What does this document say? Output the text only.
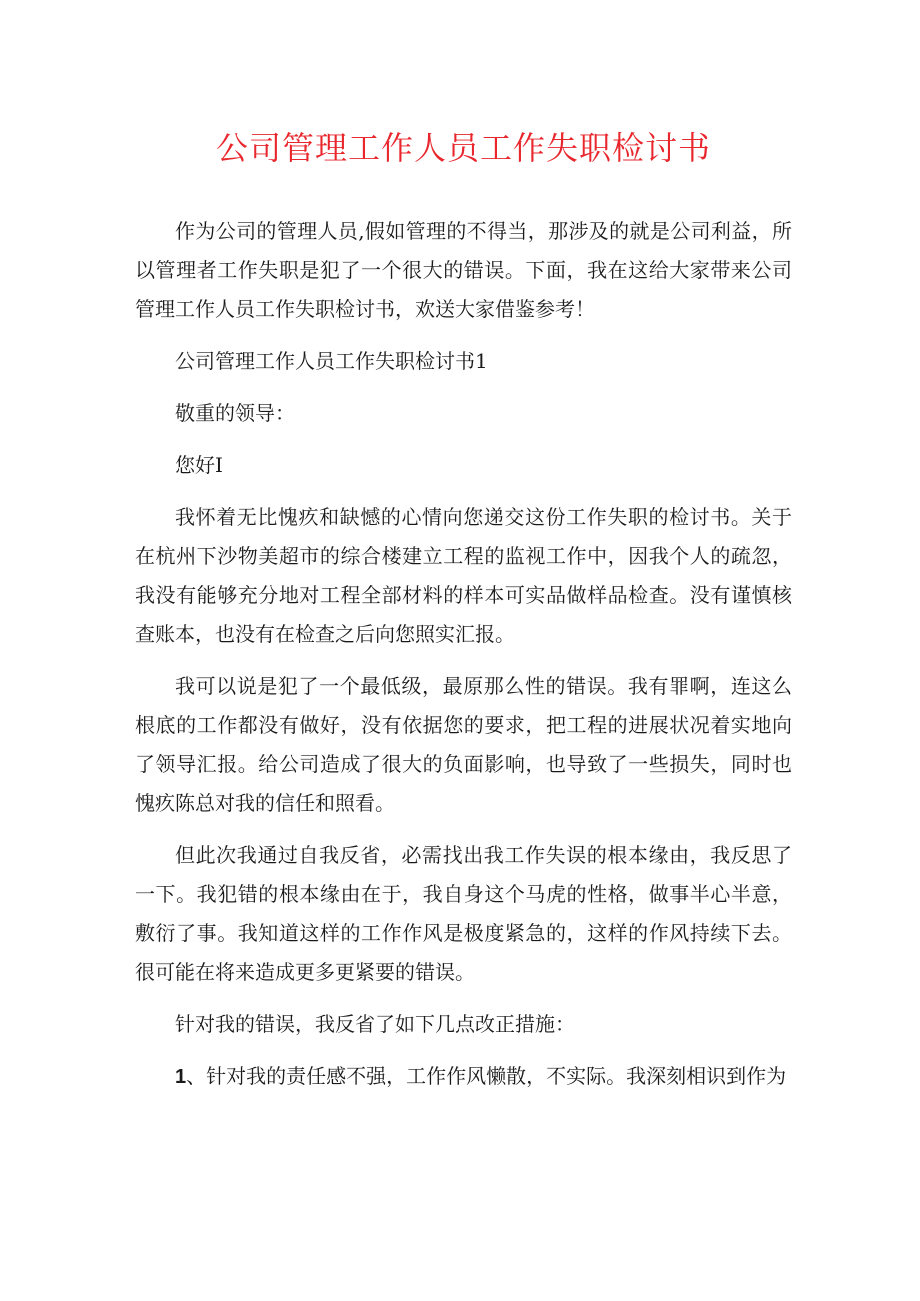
公司管理工作人员工作失职检讨书

作为公司的管理人员,假如管理的不得当，那涉及的就是公司利益，所以管理者工作失职是犯了一个很大的错误。下面，我在这给大家带来公司管理工作人员工作失职检讨书，欢送大家借鉴参考！

公司管理工作人员工作失职检讨书1

敬重的领导：

您好I

我怀着无比愧疚和缺憾的心情向您递交这份工作失职的检讨书。关于在杭州下沙物美超市的综合楼建立工程的监视工作中，因我个人的疏忽，我没有能够充分地对工程全部材料的样本可实品做样品检查。没有谨慎核查账本，也没有在检查之后向您照实汇报。

我可以说是犯了一个最低级，最原那么性的错误。我有罪啊，连这么根底的工作都没有做好，没有依据您的要求，把工程的进展状况着实地向了领导汇报。给公司造成了很大的负面影响，也导致了一些损失，同时也愧疚陈总对我的信任和照看。

但此次我通过自我反省，必需找出我工作失误的根本缘由，我反思了一下。我犯错的根本缘由在于，我自身这个马虎的性格，做事半心半意，敷衍了事。我知道这样的工作作风是极度紧急的，这样的作风持续下去。很可能在将来造成更多更紧要的错误。

针对我的错误，我反省了如下几点改正措施：

1、针对我的责任感不强，工作作风懒散，不实际。我深刻相识到作为
